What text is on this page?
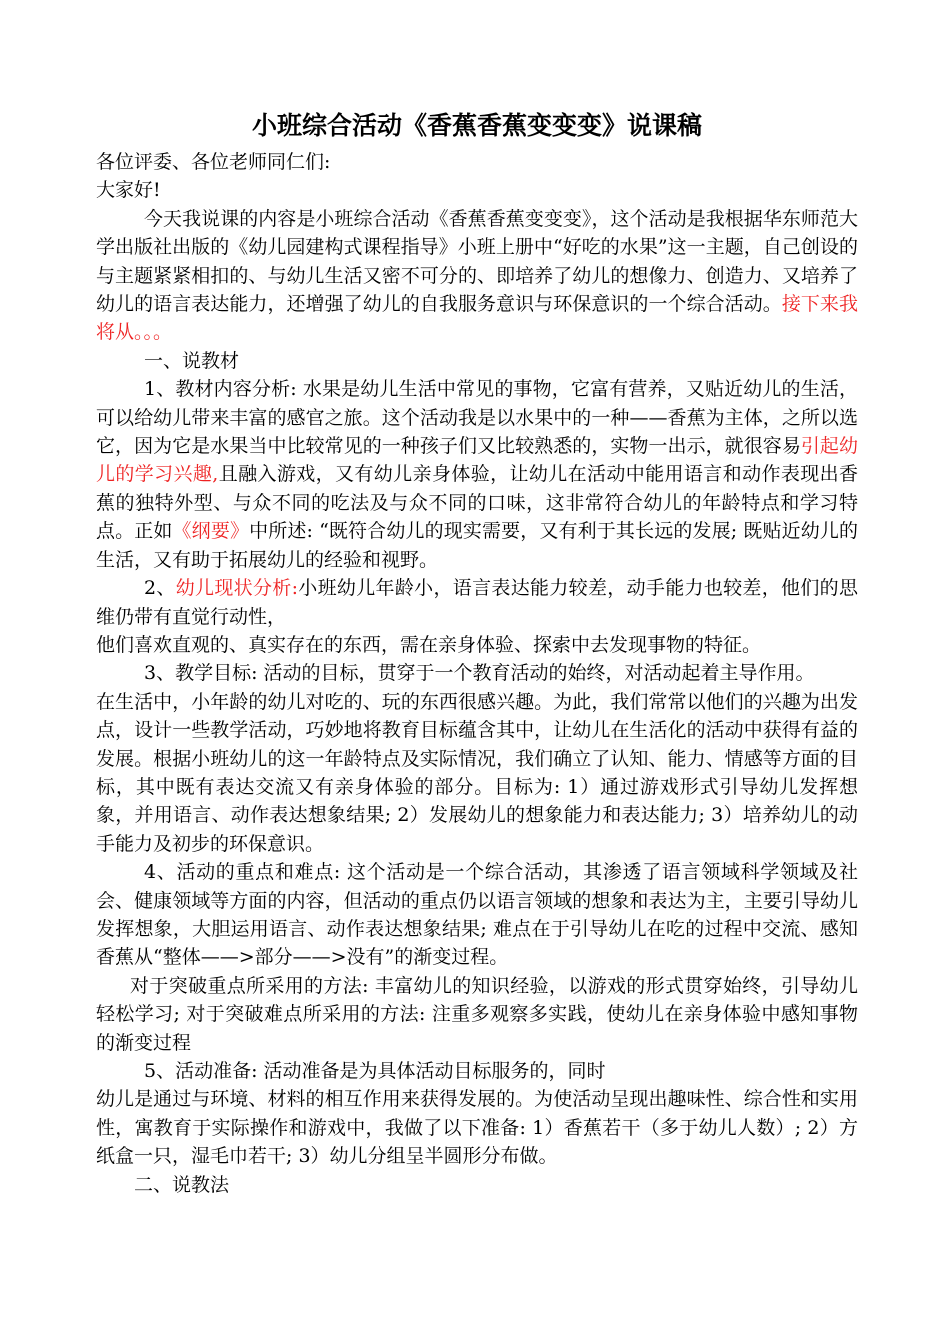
小班综合活动《香蕉香蕉变变变》说课稿

各位评委、各位老师同仁们:

大家好!

今天我说课的内容是小班综合活动《香蕉香蕉变变变》，这个活动是我根据华东师范大学出版社出版的《幼儿园建构式课程指导》小班上册中“好吃的水果”这一主题，自己创设的与主题紧紧相扣的、与幼儿生活又密不可分的、即培养了幼儿的想像力、创造力、又培养了幼儿的语言表达能力，还增强了幼儿的自我服务意识与环保意识的一个综合活动。接下来我将从。。。

一、说教材

1、教材内容分析: 水果是幼儿生活中常见的事物，它富有营养，又贴近幼儿的生活，可以给幼儿带来丰富的感官之旅。这个活动我是以水果中的一种——香蕉为主体，之所以选它，因为它是水果当中比较常见的一种孩子们又比较熟悉的，实物一出示，就很容易引起幼儿的学习兴趣,且融入游戏，又有幼儿亲身体验，让幼儿在活动中能用语言和动作表现出香蕉的独特外型、与众不同的吃法及与众不同的口味，这非常符合幼儿的年龄特点和学习特点。正如《纲要》中所述: “既符合幼儿的现实需要，又有利于其长远的发展; 既贴近幼儿的生活，又有助于拓展幼儿的经验和视野。

2、幼儿现状分析:小班幼儿年龄小，语言表达能力较差，动手能力也较差，他们的思维仍带有直觉行动性，

他们喜欢直观的、真实存在的东西，需在亲身体验、探索中去发现事物的特征。

3、教学目标: 活动的目标，贯穿于一个教育活动的始终，对活动起着主导作用。

在生活中，小年龄的幼儿对吃的、玩的东西很感兴趣。为此，我们常常以他们的兴趣为出发点，设计一些教学活动，巧妙地将教育目标蕴含其中，让幼儿在生活化的活动中获得有益的发展。根据小班幼儿的这一年龄特点及实际情况，我们确立了认知、能力、情感等方面的目标，其中既有表达交流又有亲身体验的部分。目标为: 1）通过游戏形式引导幼儿发挥想象，并用语言、动作表达想象结果; 2）发展幼儿的想象能力和表达能力; 3）培养幼儿的动手能力及初步的环保意识。

4、活动的重点和难点: 这个活动是一个综合活动，其渗透了语言领域科学领域及社会、健康领域等方面的内容，但活动的重点仍以语言领域的想象和表达为主，主要引导幼儿发挥想象，大胆运用语言、动作表达想象结果; 难点在于引导幼儿在吃的过程中交流、感知香蕉从“整体——>部分——>没有”的渐变过程。

对于突破重点所采用的方法: 丰富幼儿的知识经验，以游戏的形式贯穿始终，引导幼儿轻松学习; 对于突破难点所采用的方法: 注重多观察多实践，使幼儿在亲身体验中感知事物的渐变过程

5、活动准备: 活动准备是为具体活动目标服务的，同时

幼儿是通过与环境、材料的相互作用来获得发展的。为使活动呈现出趣味性、综合性和实用性，寓教育于实际操作和游戏中，我做了以下准备: 1）香蕉若干（多于幼儿人数）; 2）方纸盒一只，湿毛巾若干; 3）幼儿分组呈半圆形分布做。

二、说教法
